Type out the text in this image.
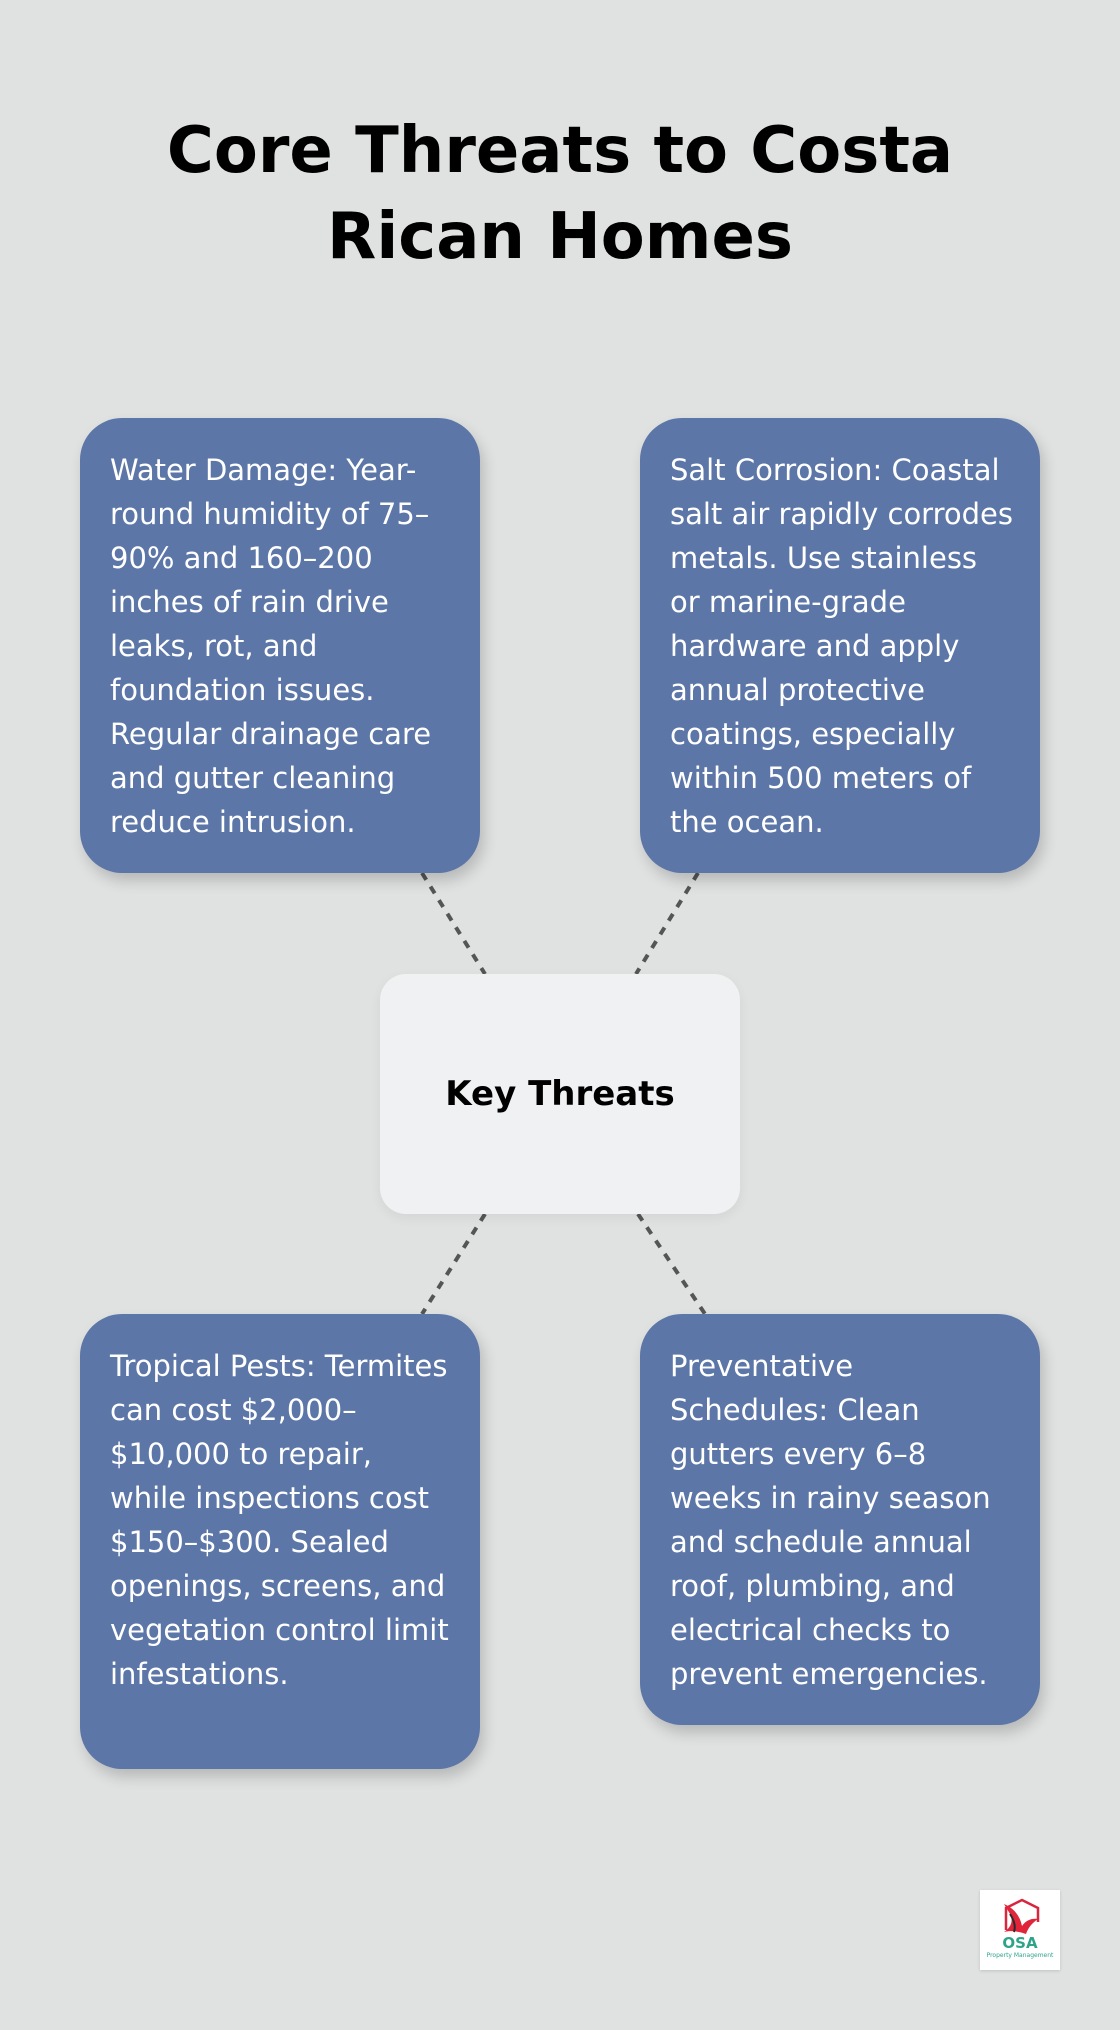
Core Threats to Costa Rican Homes
Water Damage: Year-round humidity of 75–90% and 160–200 inches of rain drive leaks, rot, and foundation issues. Regular drainage care and gutter cleaning reduce intrusion.
Salt Corrosion: Coastal salt air rapidly corrodes metals. Use stainless or marine-grade hardware and apply annual protective coatings, especially within 500 meters of the ocean.
Key Threats
Tropical Pests: Termites can cost $2,000–$10,000 to repair, while inspections cost $150–$300. Sealed openings, screens, and vegetation control limit infestations.
Preventative Schedules: Clean gutters every 6–8 weeks in rainy season and schedule annual roof, plumbing, and electrical checks to prevent emergencies.
OSA
Property Management
